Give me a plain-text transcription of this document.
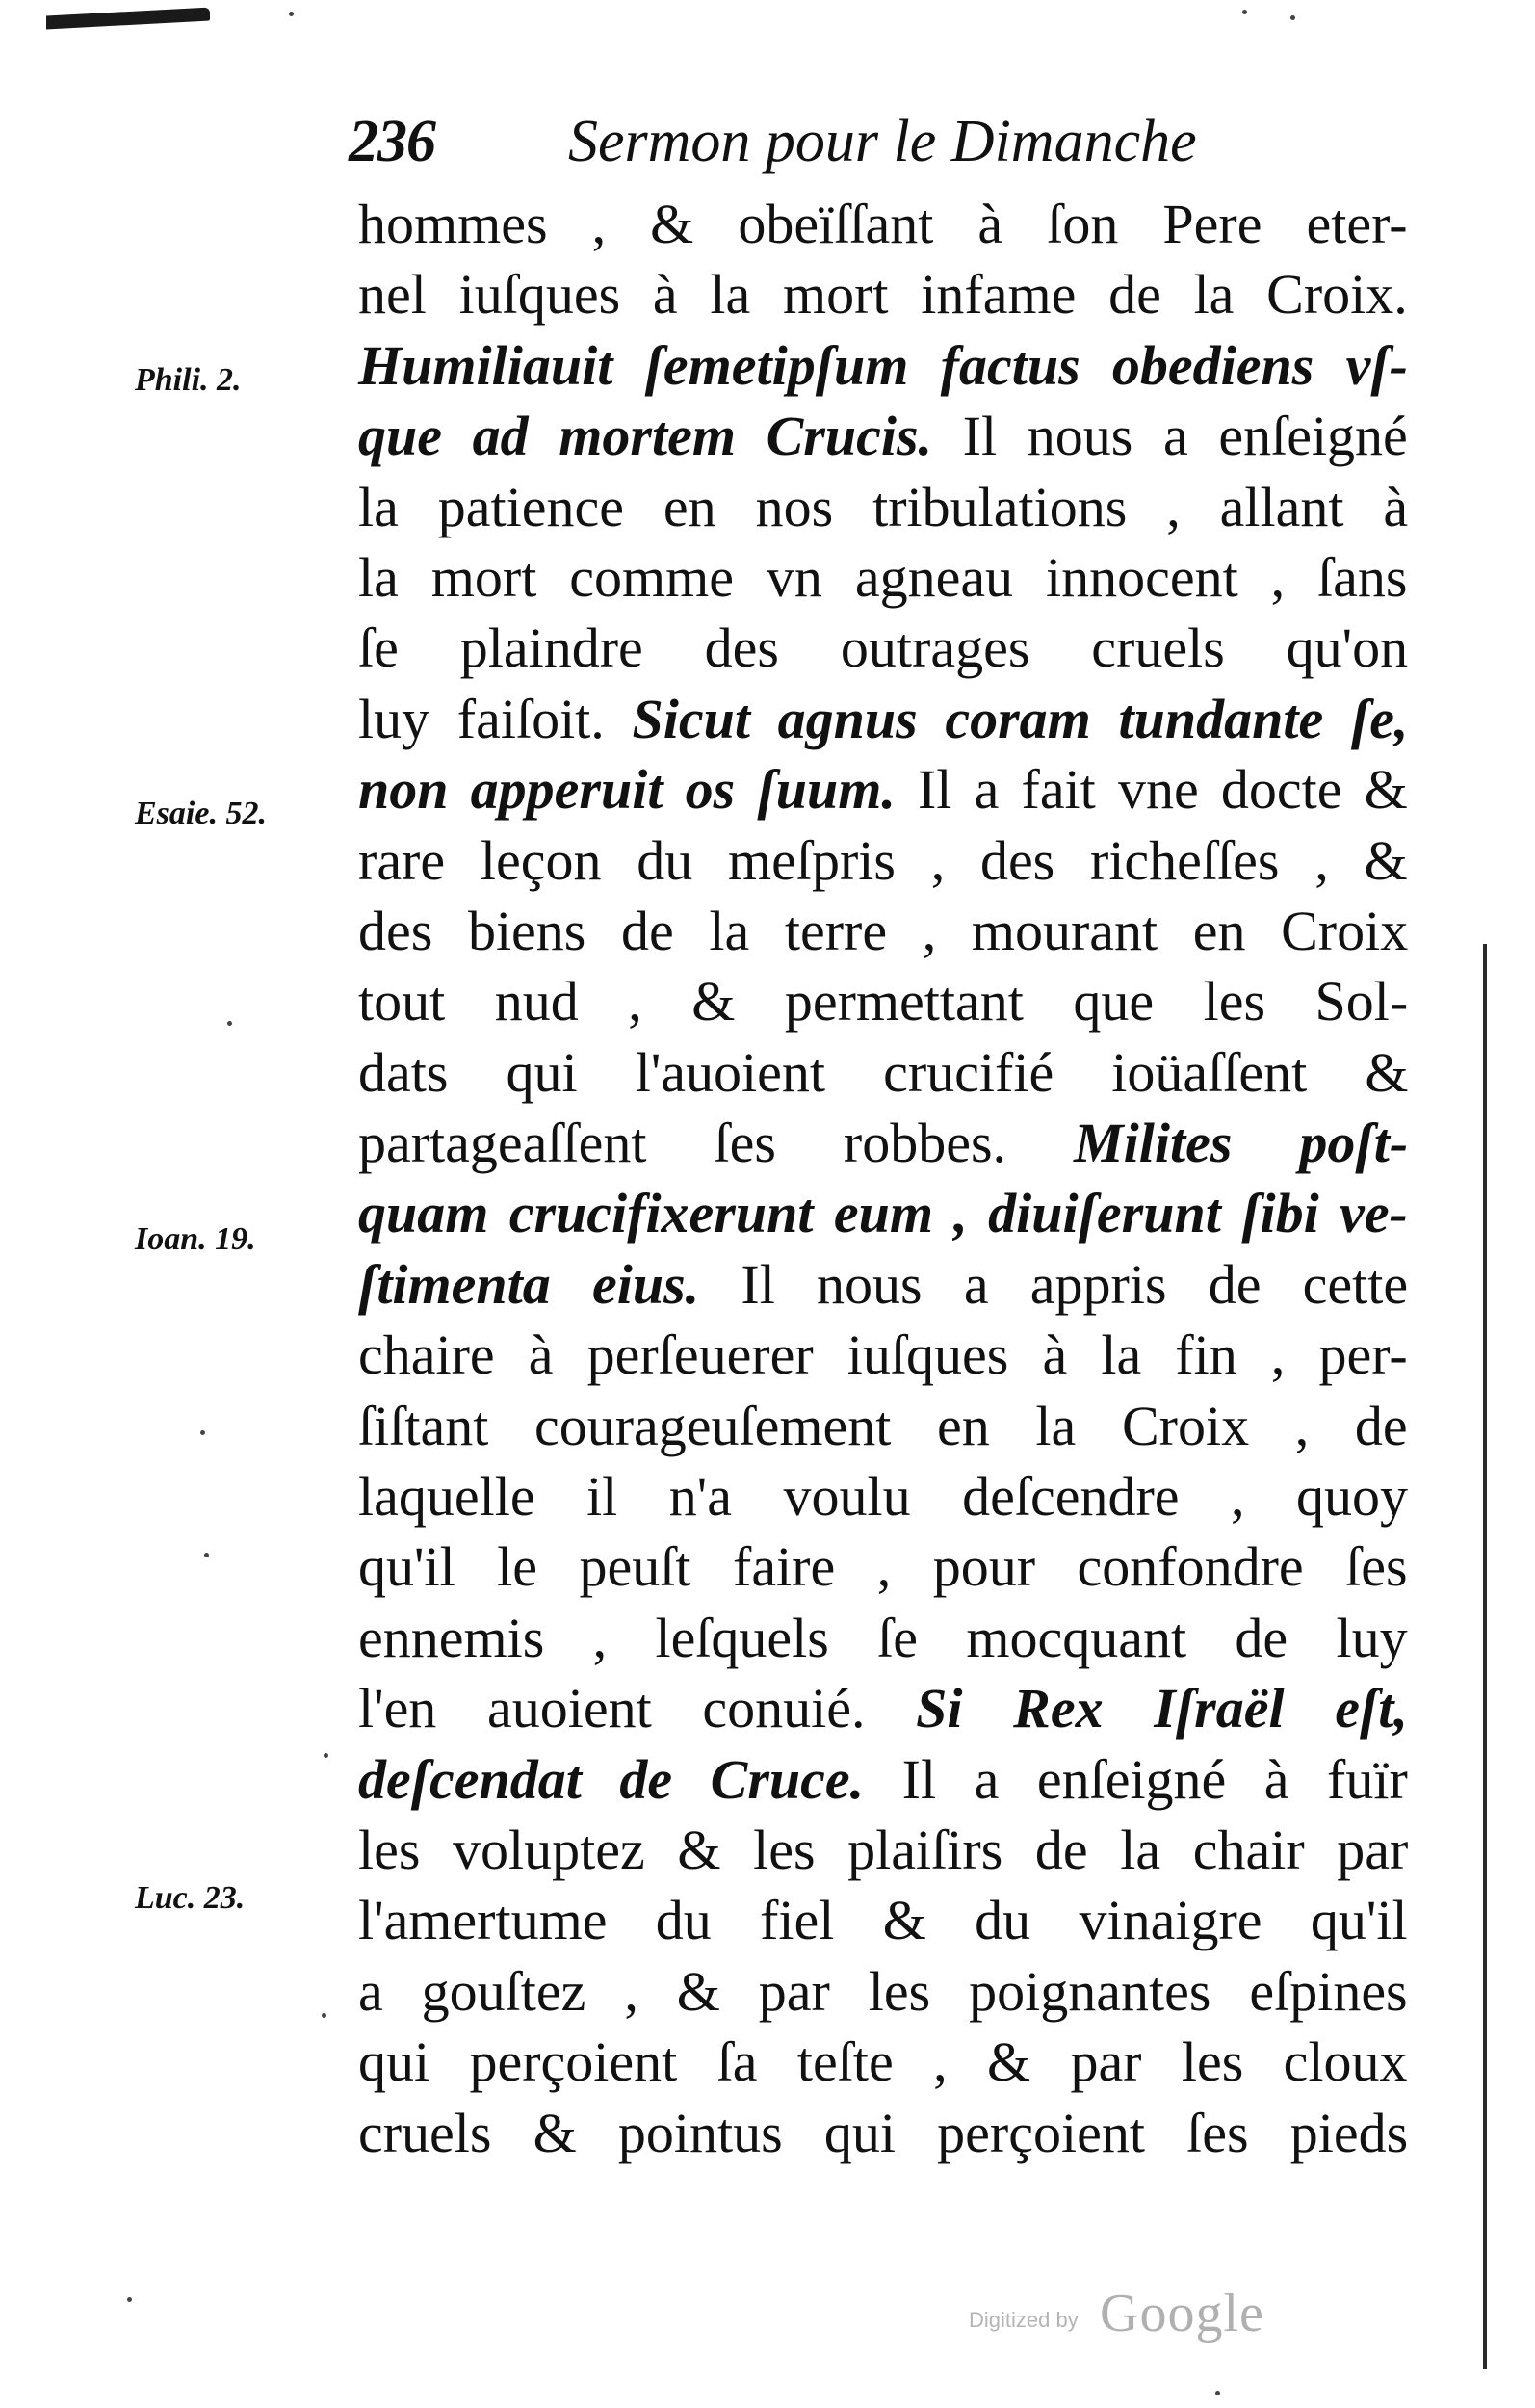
236 Sermon pour le Dimanche
Phili. 2.
Esaie. 52.
Ioan. 19.
Luc. 23.
hommes , & obeïſſant à ſon Pere eter-
nel iuſques à la mort infame de la Croix.
Humiliauit ſemetipſum factus obediens vſ-
que ad mortem Crucis. Il nous a enſeigné
la patience en nos tribulations , allant à
la mort comme vn agneau innocent , ſans
ſe plaindre des outrages cruels qu'on
luy faiſoit. Sicut agnus coram tundante ſe,
non apperuit os ſuum. Il a fait vne docte &
rare leçon du meſpris , des richeſſes , &
des biens de la terre , mourant en Croix
tout nud , & permettant que les Sol-
dats qui l'auoient crucifié ioüaſſent &
partageaſſent ſes robbes. Milites poſt-
quam crucifixerunt eum , diuiſerunt ſibi ve-
ſtimenta eius. Il nous a appris de cette
chaire à perſeuerer iuſques à la fin , per-
ſiſtant courageuſement en la Croix , de
laquelle il n'a voulu deſcendre , quoy
qu'il le peuſt faire , pour confondre ſes
ennemis , leſquels ſe mocquant de luy
l'en auoient conuié. Si Rex Iſraël eſt,
deſcendat de Cruce. Il a enſeigné à fuïr
les voluptez & les plaiſirs de la chair par
l'amertume du fiel & du vinaigre qu'il
a gouſtez , & par les poignantes eſpines
qui perçoient ſa teſte , & par les cloux
cruels & pointus qui perçoient ſes pieds
Digitized by Google
